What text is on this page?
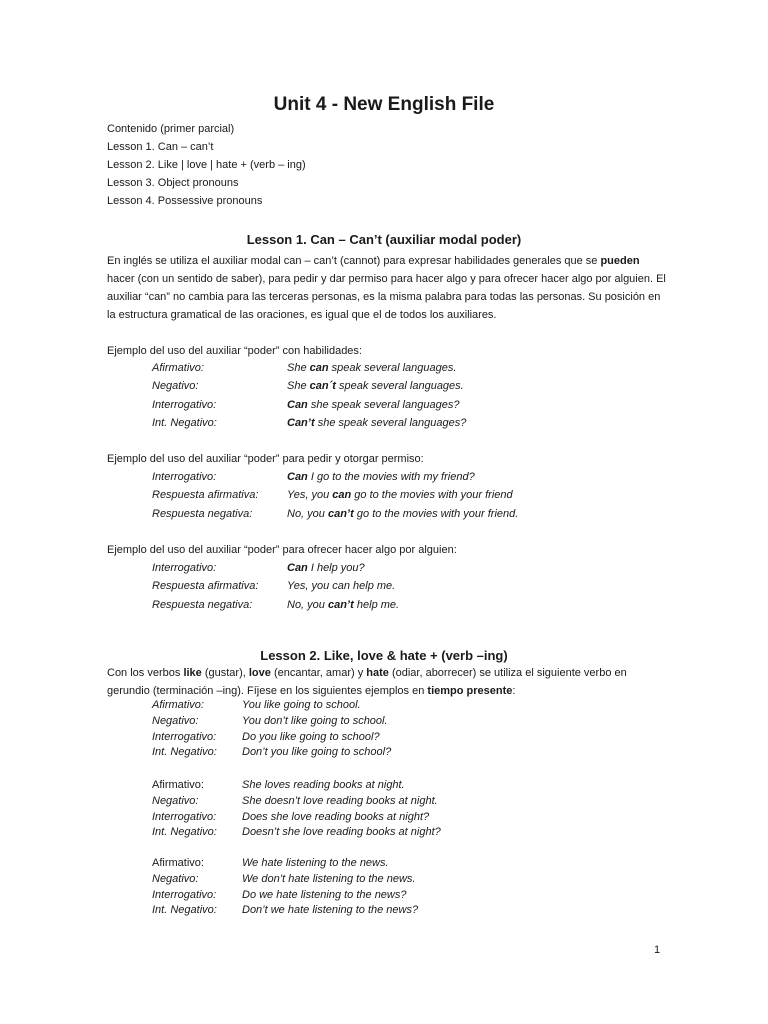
Unit 4 - New English File

Contenido (primer parcial)

Lesson 1. Can – can’t

Lesson 2. Like | love | hate + (verb – ing)

Lesson 3. Object pronouns

Lesson 4. Possessive pronouns

Lesson 1. Can – Can’t (auxiliar modal poder)
En inglés se utiliza el auxiliar modal can – can’t (cannot) para expresar habilidades generales que se pueden hacer (con un sentido de saber), para pedir y dar permiso para hacer algo y para ofrecer hacer algo por alguien. El auxiliar “can” no cambia para las terceras personas, es la misma palabra para todas las personas. Su posición en la estructura gramatical de las oraciones, es igual que el de todos los auxiliares.
Ejemplo del uso del auxiliar “poder” con habilidades:
Afirmativo:	She can speak several languages.
Negativo:	She can´t speak several languages.
Interrogativo:	Can she speak several languages?
Int. Negativo:	Can’t she speak several languages?
Ejemplo del uso del auxiliar “poder” para pedir y otorgar permiso:
Interrogativo:	Can I go to the movies with my friend?
Respuesta afirmativa:	Yes, you can go to the movies with your friend
Respuesta negativa:	No, you can’t go to the movies with your friend.
Ejemplo del uso del auxiliar “poder” para ofrecer hacer algo por alguien:
Interrogativo:	Can I help you?
Respuesta afirmativa:	Yes, you can help me.
Respuesta negativa:	No, you can’t help me.
Lesson 2. Like, love & hate + (verb –ing)
Con los verbos like (gustar), love (encantar, amar) y hate (odiar, aborrecer) se utiliza el siguiente verbo en gerundio (terminación –ing). Fíjese en los siguientes ejemplos en tiempo presente:
Afirmativo:	You like going to school.
Negativo:	You don’t like going to school.
Interrogativo: Do you like going to school?
Int. Negativo: Don’t you like going to school?
Afirmativo:	She loves reading books at night.
Negativo:	She doesn’t love reading books at night.
Interrogativo: Does she love reading books at night?
Int. Negativo: Doesn’t she love reading books at night?
Afirmativo:	We hate listening to the news.
Negativo:	We don’t hate listening to the news.
Interrogativo: Do we hate listening to the news?
Int. Negativo: Don’t we hate listening to the news?
1
